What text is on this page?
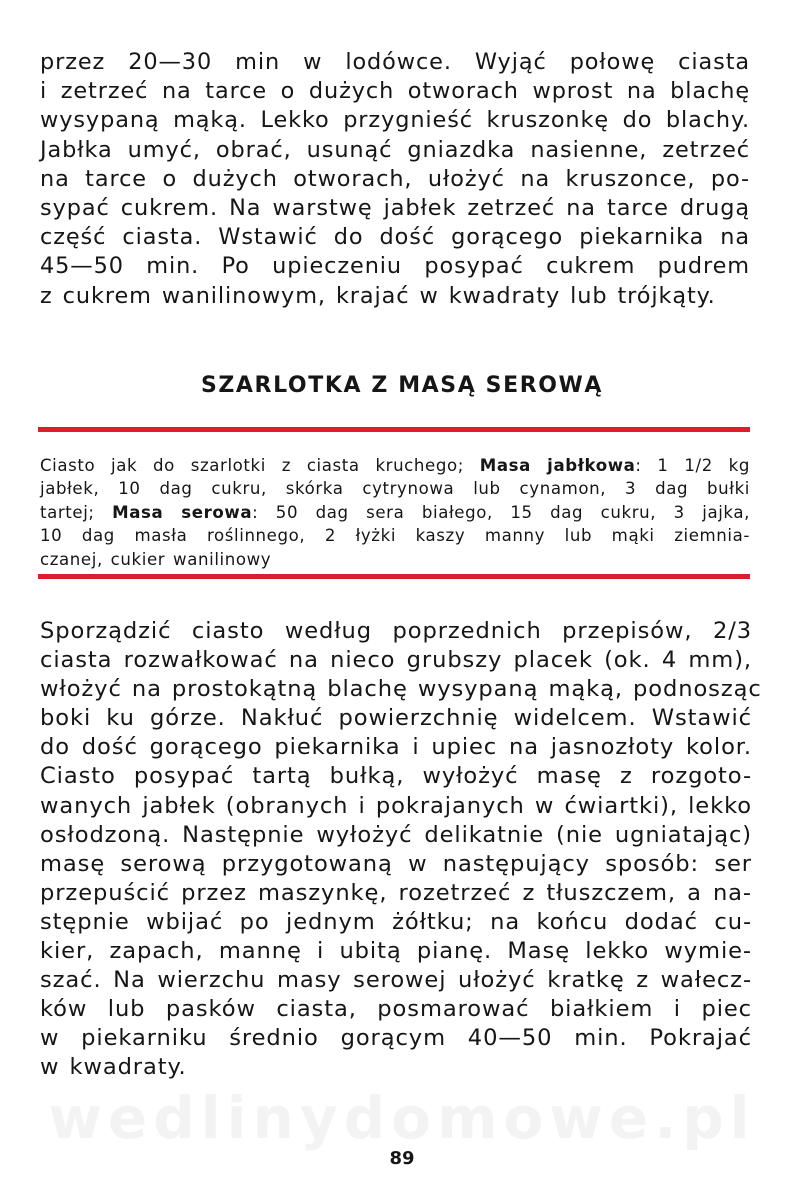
wedlinydomowe.pl

przez 20—30 min w lodówce. Wyjąć połowę ciasta
i zetrzeć na tarce o dużych otworach wprost na blachę
wysypaną mąką. Lekko przygnieść kruszonkę do blachy.
Jabłka umyć, obrać, usunąć gniazdka nasienne, zetrzeć
na tarce o dużych otworach, ułożyć na kruszonce, po-
sypać cukrem. Na warstwę jabłek zetrzeć na tarce drugą
część ciasta. Wstawić do dość gorącego piekarnika na
45—50 min. Po upieczeniu posypać cukrem pudrem
z cukrem wanilinowym, krajać w kwadraty lub trójkąty.
SZARLOTKA Z MASĄ SEROWĄ
Ciasto jak do szarlotki z ciasta kruchego; Masa jabłkowa: 1 1/2 kg
jabłek, 10 dag cukru, skórka cytrynowa lub cynamon, 3 dag bułki
tartej; Masa serowa: 50 dag sera białego, 15 dag cukru, 3 jajka,
10 dag masła roślinnego, 2 łyżki kaszy manny lub mąki ziemnia-
czanej, cukier wanilinowy
Sporządzić ciasto według poprzednich przepisów, 2/3
ciasta rozwałkować na nieco grubszy placek (ok. 4 mm),
włożyć na prostokątną blachę wysypaną mąką, podnosząc
boki ku górze. Nakłuć powierzchnię widelcem. Wstawić
do dość gorącego piekarnika i upiec na jasnozłoty kolor.
Ciasto posypać tartą bułką, wyłożyć masę z rozgoto-
wanych jabłek (obranych i pokrajanych w ćwiartki), lekko
osłodzoną. Następnie wyłożyć delikatnie (nie ugniatając)
masę serową przygotowaną w następujący sposób: ser
przepuścić przez maszynkę, rozetrzeć z tłuszczem, a na-
stępnie wbijać po jednym żółtku; na końcu dodać cu-
kier, zapach, mannę i ubitą pianę. Masę lekko wymie-
szać. Na wierzchu masy serowej ułożyć kratkę z wałecz-
ków lub pasków ciasta, posmarować białkiem i piec
w piekarniku średnio gorącym 40—50 min. Pokrajać
w kwadraty.

89
